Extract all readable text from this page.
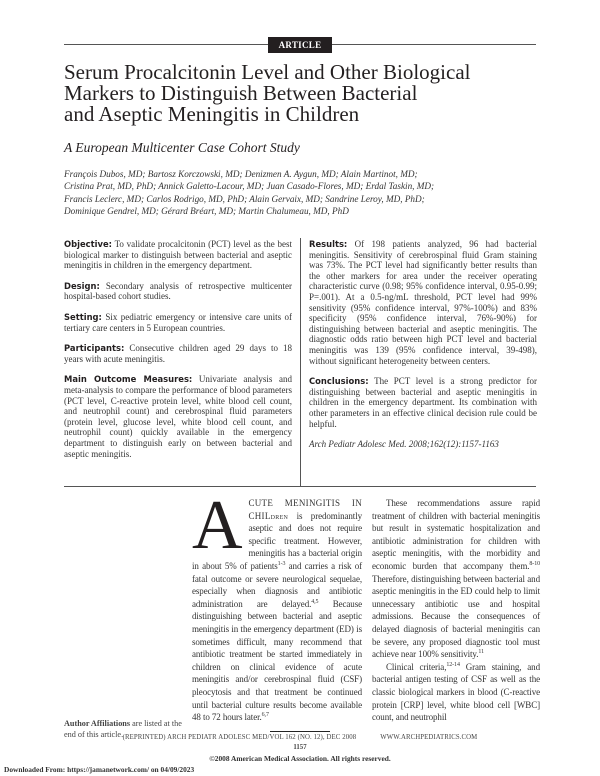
ARTICLE
Serum Procalcitonin Level and Other Biological
Markers to Distinguish Between Bacterial
and Aseptic Meningitis in Children
A European Multicenter Case Cohort Study
François Dubos, MD; Bartosz Korczowski, MD; Denizmen A. Aygun, MD; Alain Martinot, MD;
Cristina Prat, MD, PhD; Annick Galetto-Lacour, MD; Juan Casado-Flores, MD; Erdal Taskin, MD;
Francis Leclerc, MD; Carlos Rodrigo, MD, PhD; Alain Gervaix, MD; Sandrine Leroy, MD, PhD;
Dominique Gendrel, MD; Gérard Bréart, MD; Martin Chalumeau, MD, PhD

Objective: To validate procalcitonin (PCT) level as the best biological marker to distinguish between bacterial and aseptic meningitis in children in the emergency department.

Design: Secondary analysis of retrospective multicenter hospital-based cohort studies.

Setting: Six pediatric emergency or intensive care units of tertiary care centers in 5 European countries.

Participants: Consecutive children aged 29 days to 18 years with acute meningitis.

Main Outcome Measures: Univariate analysis and meta-analysis to compare the performance of blood parameters (PCT level, C-reactive protein level, white blood cell count, and neutrophil count) and cerebrospinal fluid parameters (protein level, glucose level, white blood cell count, and neutrophil count) quickly available in the emergency department to distinguish early on between bacterial and aseptic meningitis.

Results: Of 198 patients analyzed, 96 had bacterial meningitis. Sensitivity of cerebrospinal fluid Gram staining was 73%. The PCT level had significantly better results than the other markers for area under the receiver operating characteristic curve (0.98; 95% confidence interval, 0.95-0.99; P=.001). At a 0.5-ng/mL threshold, PCT level had 99% sensitivity (95% confidence interval, 97%-100%) and 83% specificity (95% confidence interval, 76%-90%) for distinguishing between bacterial and aseptic meningitis. The diagnostic odds ratio between high PCT level and bacterial meningitis was 139 (95% confidence interval, 39-498), without significant heterogeneity between centers.

Conclusions: The PCT level is a strong predictor for distinguishing between bacterial and aseptic meningitis in children in the emergency department. Its combination with other parameters in an effective clinical decision rule could be helpful.

Arch Pediatr Adolesc Med. 2008;162(12):1157-1163

ACUTE MENINGITIS IN CHILdren is predominantly aseptic and does not require specific treatment. However, meningitis has a bacterial origin in about 5% of patients$^{1-3}$ and carries a risk of fatal outcome or severe neurological sequelae, especially when diagnosis and antibiotic administration are delayed.$^{4,5}$ Because distinguishing between bacterial and aseptic meningitis in the emergency department (ED) is sometimes difficult, many recommend that antibiotic treatment be started immediately in children on clinical evidence of acute meningitis and/or cerebrospinal fluid (CSF) pleocytosis and that treatment be continued until bacterial culture results become available 48 to 72 hours later.$^{6,7}$

These recommendations assure rapid treatment of children with bacterial meningitis but result in systematic hospitalization and antibiotic administration for children with aseptic meningitis, with the morbidity and economic burden that accompany them.$^{8-10}$ Therefore, distinguishing between bacterial and aseptic meningitis in the ED could help to limit unnecessary antibiotic use and hospital admissions. Because the consequences of delayed diagnosis of bacterial meningitis can be severe, any proposed diagnostic tool must achieve near 100% sensitivity.$^{11}$

Clinical criteria,$^{12-14}$ Gram staining, and bacterial antigen testing of CSF as well as the classic biological markers in blood (C-reactive protein [CRP] level, white blood cell [WBC] count, and neutrophil

Author Affiliations are listed at the end of this article. (REPRINTED) ARCH PEDIATR ADOLESC MED/VOL 162 (NO. 12), DEC 2008	WWW.ARCHPEDIATRICS.COM
1157
©2008 American Medical Association. All rights reserved.
Downloaded From: https://jamanetwork.com/ on 04/09/2023
